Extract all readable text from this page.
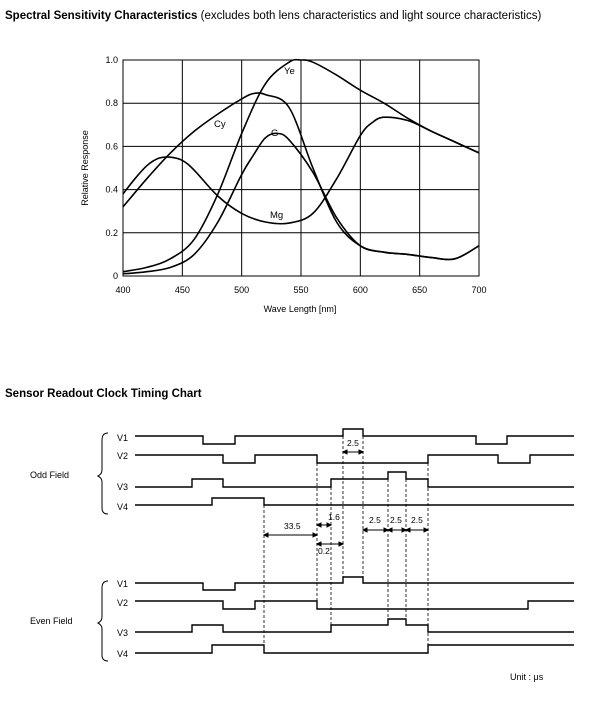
Spectral Sensitivity Characteristics (excludes both lens characteristics and light source characteristics)
Sensor Readout Clock Timing Chart
400	450	500	550	600	650	700
0
0.2
0.4
0.6
0.8
1.0
Wave Length [nm]
Relative Response
Ye
Cy
G
Mg
Odd Field
Even Field
V1
V2
V3
V4
V1
V2
V3
V4
2.5
33.5
1.6
0.2
2.5 2.5 2.5
Unit : μs
